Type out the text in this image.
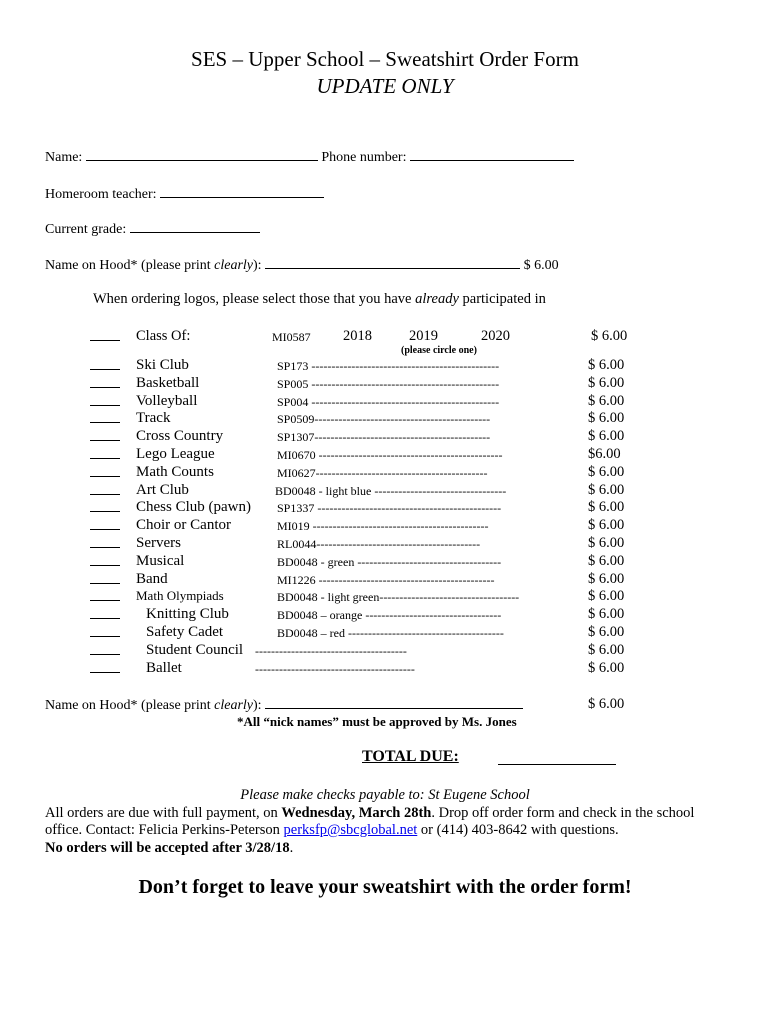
SES – Upper School – Sweatshirt Order Form
UPDATE ONLY
Name:	Phone number:
Homeroom teacher:
Current grade:
Name on Hood* (please print clearly):	$ 6.00
When ordering logos, please select those that you have already participated in
Class Of:	MI0587 2018	2019	2020	$ 6.00
(please circle one)
Ski Club	SP173 -----------------------------------------------	$ 6.00
Basketball	SP005 -----------------------------------------------	$ 6.00
Volleyball	SP004 -----------------------------------------------	$ 6.00
Track	SP0509--------------------------------------------	$ 6.00
Cross Country	SP1307--------------------------------------------	$ 6.00
Lego League	MI0670 ----------------------------------------------	$6.00
Math Counts	MI0627-------------------------------------------	$ 6.00
Art Club	BD0048 - light blue ---------------------------------	$ 6.00
Chess Club (pawn) SP1337 ----------------------------------------------	$ 6.00
Choir or Cantor	MI019 --------------------------------------------	$ 6.00
Servers	RL0044-----------------------------------------	$ 6.00
Musical	BD0048 - green ------------------------------------	$ 6.00
Band	MI1226 --------------------------------------------	$ 6.00
Math Olympiads	BD0048 - light green-----------------------------------	$ 6.00
Knitting Club	BD0048 – orange ----------------------------------	$ 6.00
Safety Cadet	BD0048 – red ---------------------------------------	$ 6.00
Student Council --------------------------------------	$ 6.00
Ballet	----------------------------------------	$ 6.00
Name on Hood* (please print clearly):	$ 6.00
*All “nick names” must be approved by Ms. Jones
TOTAL DUE:
Please make checks payable to: St Eugene School
All orders are due with full payment, on Wednesday, March 28th. Drop off order form and check in the school
office. Contact: Felicia Perkins-Peterson perksfp@sbcglobal.net or (414) 403-8642 with questions.
No orders will be accepted after 3/28/18.
Don’t forget to leave your sweatshirt with the order form!
